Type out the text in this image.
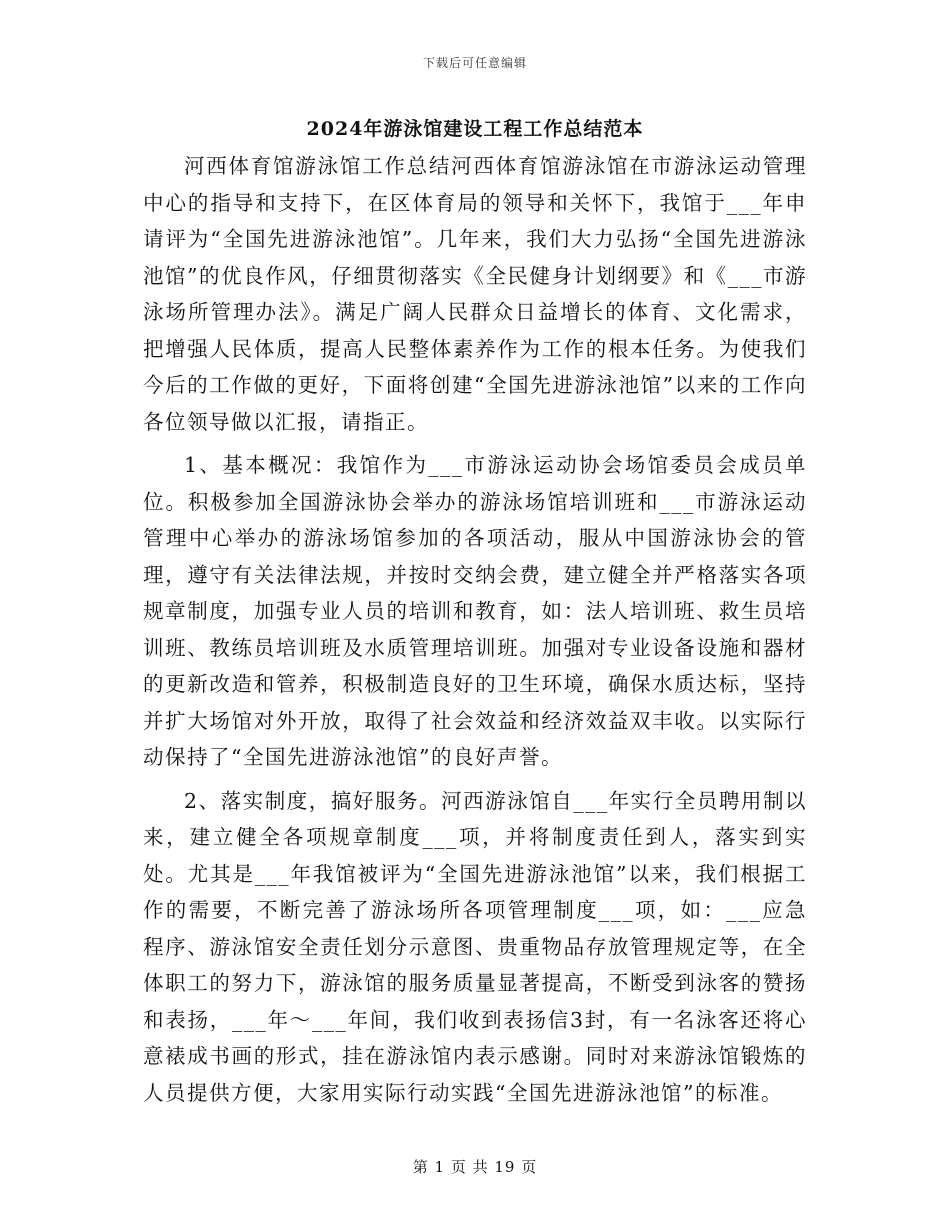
下载后可任意编辑
2024年游泳馆建设工程工作总结范本

河西体育馆游泳馆工作总结河西体育馆游泳馆在市游泳运动管理中心的指导和支持下，在区体育局的领导和关怀下，我馆于___年申请评为“全国先进游泳池馆”。几年来，我们大力弘扬“全国先进游泳池馆”的优良作风，仔细贯彻落实《全民健身计划纲要》和《___市游泳场所管理办法》。满足广阔人民群众日益增长的体育、文化需求，把增强人民体质，提高人民整体素养作为工作的根本任务。为使我们今后的工作做的更好，下面将创建“全国先进游泳池馆”以来的工作向各位领导做以汇报，请指正。

1、基本概况：我馆作为___市游泳运动协会场馆委员会成员单位。积极参加全国游泳协会举办的游泳场馆培训班和___市游泳运动管理中心举办的游泳场馆参加的各项活动，服从中国游泳协会的管理，遵守有关法律法规，并按时交纳会费，建立健全并严格落实各项规章制度，加强专业人员的培训和教育，如：法人培训班、救生员培训班、教练员培训班及水质管理培训班。加强对专业设备设施和器材的更新改造和管养，积极制造良好的卫生环境，确保水质达标，坚持并扩大场馆对外开放，取得了社会效益和经济效益双丰收。以实际行动保持了“全国先进游泳池馆”的良好声誉。

2、落实制度，搞好服务。河西游泳馆自___年实行全员聘用制以来，建立健全各项规章制度___项，并将制度责任到人，落实到实处。尤其是___年我馆被评为“全国先进游泳池馆”以来，我们根据工作的需要，不断完善了游泳场所各项管理制度___项，如：___应急程序、游泳馆安全责任划分示意图、贵重物品存放管理规定等，在全体职工的努力下，游泳馆的服务质量显著提高，不断受到泳客的赞扬和表扬，___年～___年间，我们收到表扬信3封，有一名泳客还将心意裱成书画的形式，挂在游泳馆内表示感谢。同时对来游泳馆锻炼的人员提供方便，大家用实际行动实践“全国先进游泳池馆”的标准。

第 1 页 共 19 页
